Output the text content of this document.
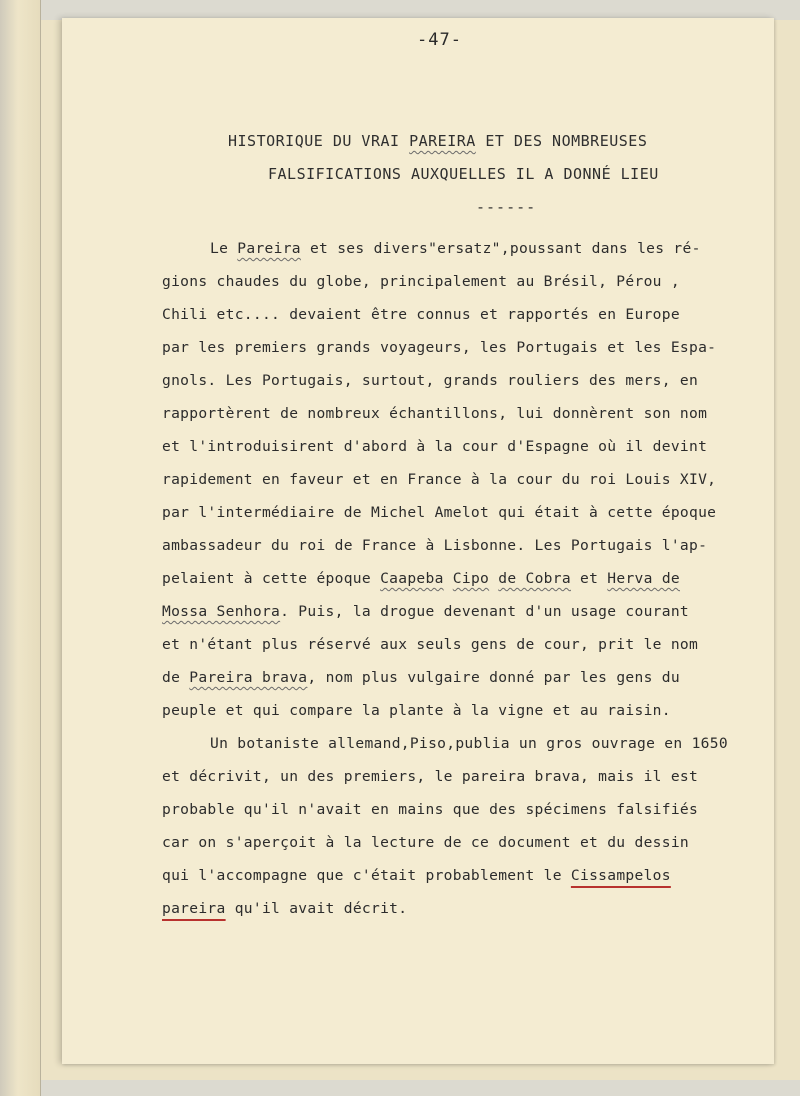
-47-
HISTORIQUE DU VRAI PAREIRA ET DES NOMBREUSES
FALSIFICATIONS AUXQUELLES IL A DONNÉ LIEU
------
Le Pareira et ses divers"ersatz",poussant dans les ré-
gions chaudes du globe, principalement au Brésil, Pérou ,
Chili etc.... devaient être connus et rapportés en Europe
par les premiers grands voyageurs, les Portugais et les Espa-
gnols. Les Portugais, surtout, grands rouliers des mers, en
rapportèrent de nombreux échantillons, lui donnèrent son nom
et l'introduisirent d'abord à la cour d'Espagne où il devint
rapidement en faveur et en France à la cour du roi Louis XIV,
par l'intermédiaire de Michel Amelot qui était à cette époque
ambassadeur du roi de France à Lisbonne. Les Portugais l'ap-
pelaient à cette époque Caapeba Cipo de Cobra et Herva de
Mossa Senhora. Puis, la drogue devenant d'un usage courant
et n'étant plus réservé aux seuls gens de cour, prit le nom
de Pareira brava, nom plus vulgaire donné par les gens du
peuple et qui compare la plante à la vigne et au raisin.
Un botaniste allemand,Piso,publia un gros ouvrage en 1650
et décrivit, un des premiers, le pareira brava, mais il est
probable qu'il n'avait en mains que des spécimens falsifiés
car on s'aperçoit à la lecture de ce document et du dessin
qui l'accompagne que c'était probablement le Cissampelos
pareira qu'il avait décrit.
